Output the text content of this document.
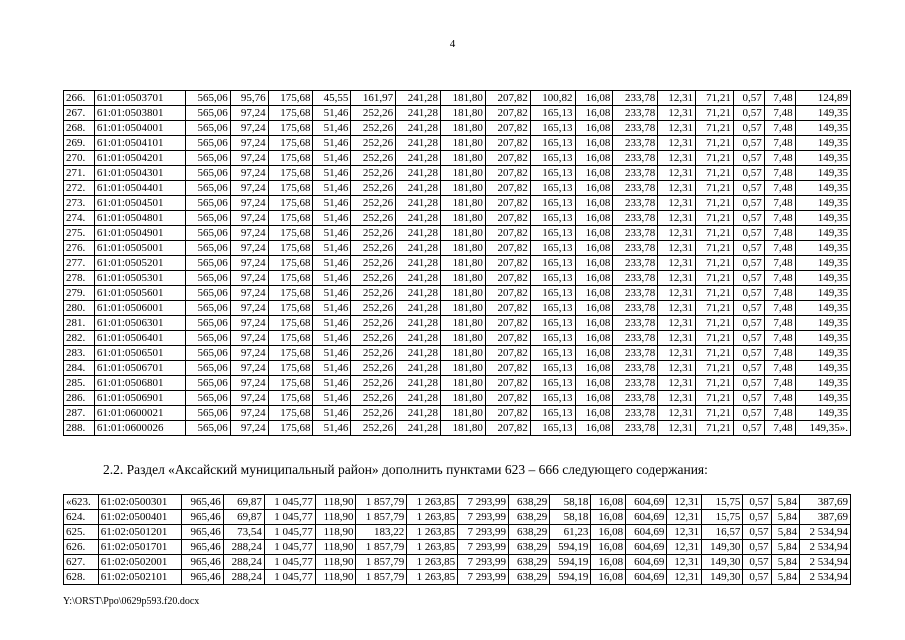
4
266.	61:01:0503701	565,06	95,76	175,68	45,55	161,97	241,28	181,80	207,82	100,82	16,08	233,78	12,31	71,21	0,57	7,48	124,89
267.	61:01:0503801	565,06	97,24	175,68	51,46	252,26	241,28	181,80	207,82	165,13	16,08	233,78	12,31	71,21	0,57	7,48	149,35
268.	61:01:0504001	565,06	97,24	175,68	51,46	252,26	241,28	181,80	207,82	165,13	16,08	233,78	12,31	71,21	0,57	7,48	149,35
269.	61:01:0504101	565,06	97,24	175,68	51,46	252,26	241,28	181,80	207,82	165,13	16,08	233,78	12,31	71,21	0,57	7,48	149,35
270.	61:01:0504201	565,06	97,24	175,68	51,46	252,26	241,28	181,80	207,82	165,13	16,08	233,78	12,31	71,21	0,57	7,48	149,35
271.	61:01:0504301	565,06	97,24	175,68	51,46	252,26	241,28	181,80	207,82	165,13	16,08	233,78	12,31	71,21	0,57	7,48	149,35
272.	61:01:0504401	565,06	97,24	175,68	51,46	252,26	241,28	181,80	207,82	165,13	16,08	233,78	12,31	71,21	0,57	7,48	149,35
273.	61:01:0504501	565,06	97,24	175,68	51,46	252,26	241,28	181,80	207,82	165,13	16,08	233,78	12,31	71,21	0,57	7,48	149,35
274.	61:01:0504801	565,06	97,24	175,68	51,46	252,26	241,28	181,80	207,82	165,13	16,08	233,78	12,31	71,21	0,57	7,48	149,35
275.	61:01:0504901	565,06	97,24	175,68	51,46	252,26	241,28	181,80	207,82	165,13	16,08	233,78	12,31	71,21	0,57	7,48	149,35
276.	61:01:0505001	565,06	97,24	175,68	51,46	252,26	241,28	181,80	207,82	165,13	16,08	233,78	12,31	71,21	0,57	7,48	149,35
277.	61:01:0505201	565,06	97,24	175,68	51,46	252,26	241,28	181,80	207,82	165,13	16,08	233,78	12,31	71,21	0,57	7,48	149,35
278.	61:01:0505301	565,06	97,24	175,68	51,46	252,26	241,28	181,80	207,82	165,13	16,08	233,78	12,31	71,21	0,57	7,48	149,35
279.	61:01:0505601	565,06	97,24	175,68	51,46	252,26	241,28	181,80	207,82	165,13	16,08	233,78	12,31	71,21	0,57	7,48	149,35
280.	61:01:0506001	565,06	97,24	175,68	51,46	252,26	241,28	181,80	207,82	165,13	16,08	233,78	12,31	71,21	0,57	7,48	149,35
281.	61:01:0506301	565,06	97,24	175,68	51,46	252,26	241,28	181,80	207,82	165,13	16,08	233,78	12,31	71,21	0,57	7,48	149,35
282.	61:01:0506401	565,06	97,24	175,68	51,46	252,26	241,28	181,80	207,82	165,13	16,08	233,78	12,31	71,21	0,57	7,48	149,35
283.	61:01:0506501	565,06	97,24	175,68	51,46	252,26	241,28	181,80	207,82	165,13	16,08	233,78	12,31	71,21	0,57	7,48	149,35
284.	61:01:0506701	565,06	97,24	175,68	51,46	252,26	241,28	181,80	207,82	165,13	16,08	233,78	12,31	71,21	0,57	7,48	149,35
285.	61:01:0506801	565,06	97,24	175,68	51,46	252,26	241,28	181,80	207,82	165,13	16,08	233,78	12,31	71,21	0,57	7,48	149,35
286.	61:01:0506901	565,06	97,24	175,68	51,46	252,26	241,28	181,80	207,82	165,13	16,08	233,78	12,31	71,21	0,57	7,48	149,35
287.	61:01:0600021	565,06	97,24	175,68	51,46	252,26	241,28	181,80	207,82	165,13	16,08	233,78	12,31	71,21	0,57	7,48	149,35
288.	61:01:0600026	565,06	97,24	175,68	51,46	252,26	241,28	181,80	207,82	165,13	16,08	233,78	12,31	71,21	0,57	7,48	149,35».
2.2. Раздел «Аксайский муниципальный район» дополнить пунктами 623 – 666 следующего содержания:
«623.	61:02:0500301	965,46	69,87	1 045,77	118,90	1 857,79	1 263,85	7 293,99	638,29	58,18	16,08	604,69	12,31	15,75	0,57	5,84	387,69
624.	61:02:0500401	965,46	69,87	1 045,77	118,90	1 857,79	1 263,85	7 293,99	638,29	58,18	16,08	604,69	12,31	15,75	0,57	5,84	387,69
625.	61:02:0501201	965,46	73,54	1 045,77	118,90	183,22	1 263,85	7 293,99	638,29	61,23	16,08	604,69	12,31	16,57	0,57	5,84	2 534,94
626.	61:02:0501701	965,46	288,24	1 045,77	118,90	1 857,79	1 263,85	7 293,99	638,29	594,19	16,08	604,69	12,31	149,30	0,57	5,84	2 534,94
627.	61:02:0502001	965,46	288,24	1 045,77	118,90	1 857,79	1 263,85	7 293,99	638,29	594,19	16,08	604,69	12,31	149,30	0,57	5,84	2 534,94
628.	61:02:0502101	965,46	288,24	1 045,77	118,90	1 857,79	1 263,85	7 293,99	638,29	594,19	16,08	604,69	12,31	149,30	0,57	5,84	2 534,94
Y:\ORST\Ppo\0629p593.f20.docx
